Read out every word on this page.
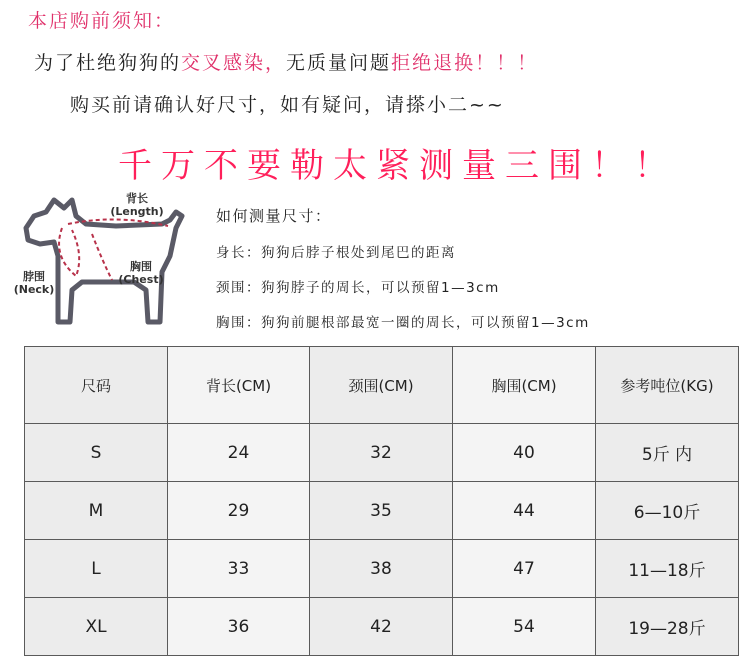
本店购前须知：
为了杜绝狗狗的交叉感染，无质量问题拒绝退换！！！
购买前请确认好尺寸，如有疑问，请搽小二~~
千万不要勒太紧测量三围！！
背长
(Length)
脖围
(Neck)
胸围
(Chest)
如何测量尺寸：
身长：狗狗后脖子根处到尾巴的距离
颈围：狗狗脖子的周长，可以预留1—3cm
胸围：狗狗前腿根部最宽一圈的周长，可以预留1—3cm
尺码	背长(CM)	颈围(CM)	胸围(CM)	参考吨位(KG)
S	24	32	40	5斤 内
M	29	35	44	6—10斤
L	33	38	47	11—18斤
XL	36	42	54	19—28斤
